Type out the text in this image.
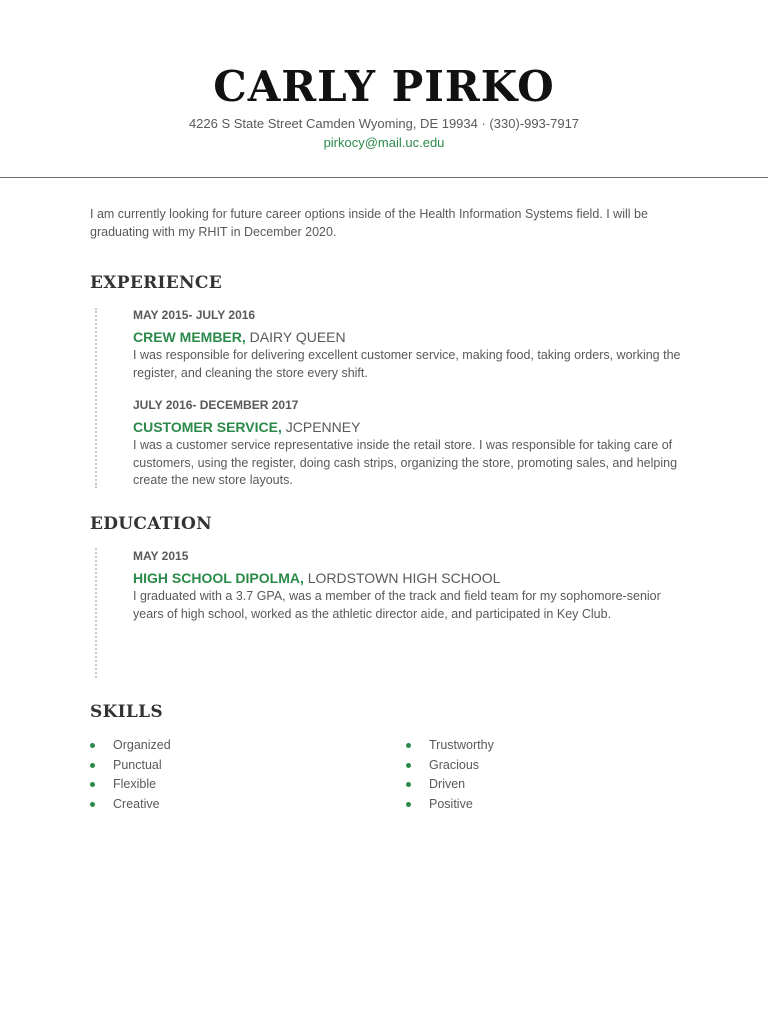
CARLY PIRKO
4226 S State Street Camden Wyoming, DE 19934 · (330)-993-7917
pirkocy@mail.uc.edu
I am currently looking for future career options inside of the Health Information Systems field. I will be graduating with my RHIT in December 2020.
EXPERIENCE
MAY 2015- JULY 2016
CREW MEMBER, DAIRY QUEEN
I was responsible for delivering excellent customer service, making food, taking orders, working the register, and cleaning the store every shift.
JULY 2016- DECEMBER 2017
CUSTOMER SERVICE, JCPENNEY
I was a customer service representative inside the retail store. I was responsible for taking care of customers, using the register, doing cash strips, organizing the store, promoting sales, and helping create the new store layouts.
EDUCATION
MAY 2015
HIGH SCHOOL DIPOLMA, LORDSTOWN HIGH SCHOOL
I graduated with a 3.7 GPA, was a member of the track and field team for my sophomore-senior years of high school, worked as the athletic director aide, and participated in Key Club.
SKILLS
Organized
Punctual
Flexible
Creative
Trustworthy
Gracious
Driven
Positive
